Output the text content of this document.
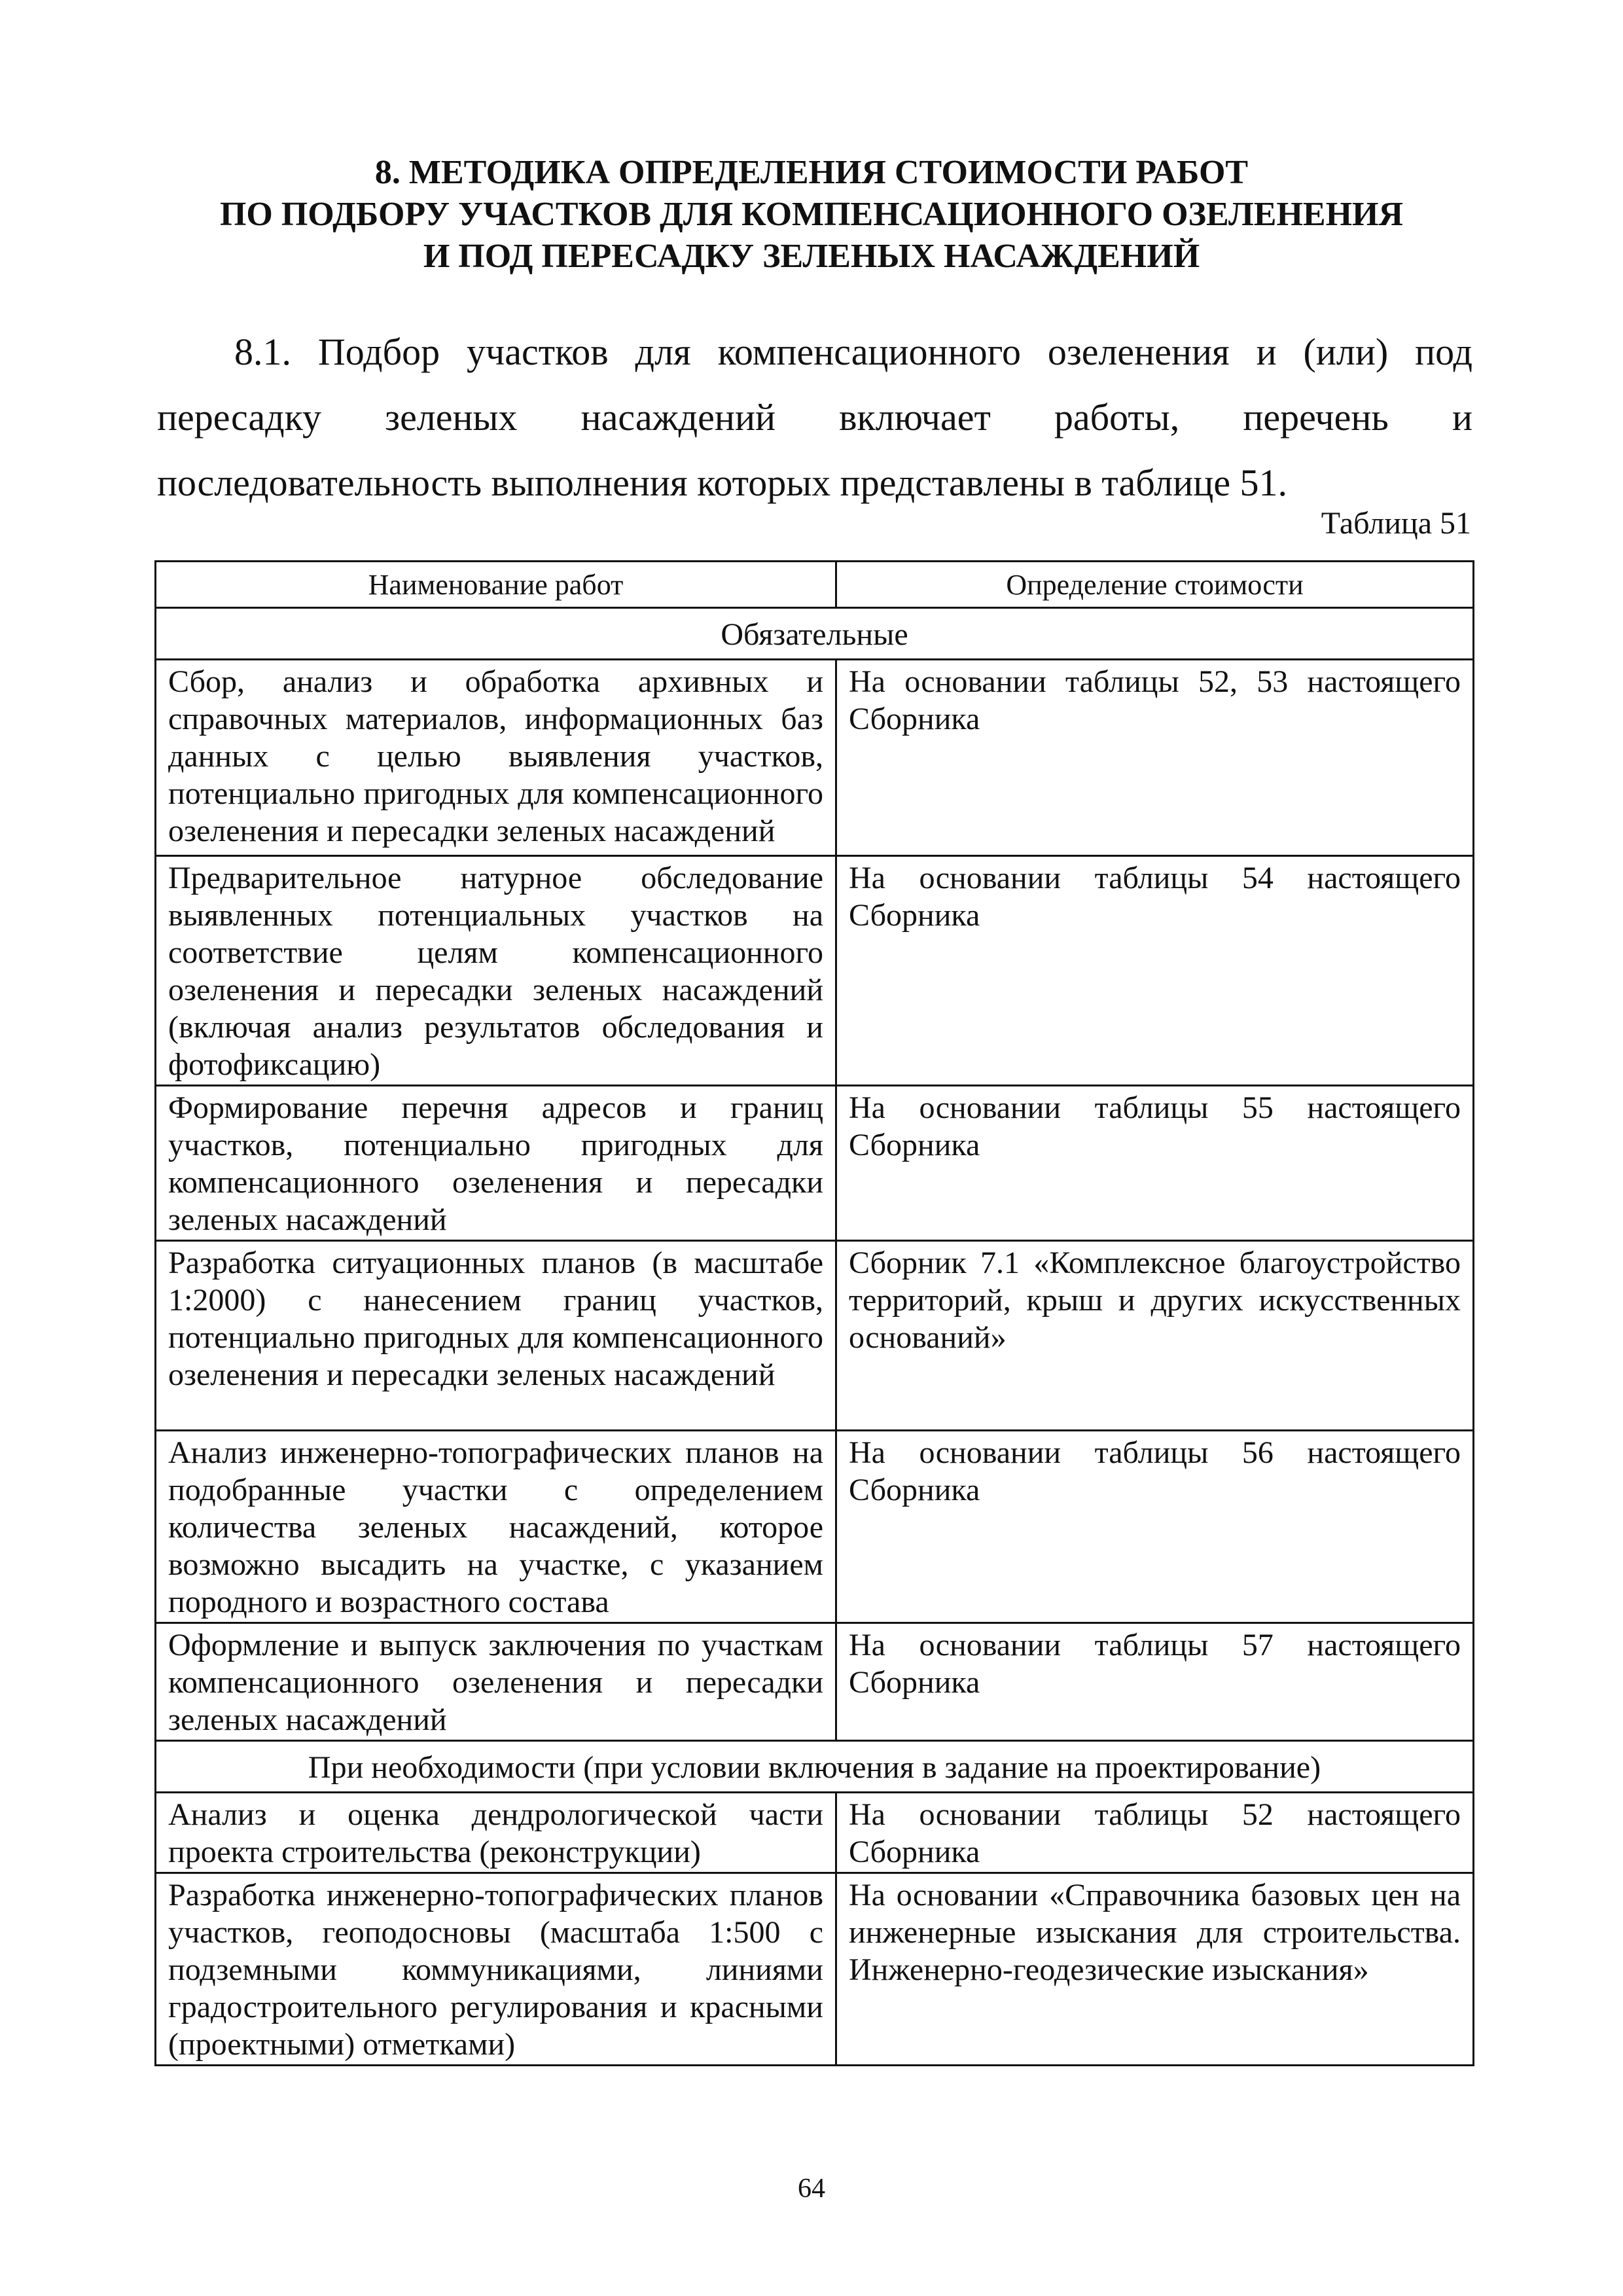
8. МЕТОДИКА ОПРЕДЕЛЕНИЯ СТОИМОСТИ РАБОТ
ПО ПОДБОРУ УЧАСТКОВ ДЛЯ КОМПЕНСАЦИОННОГО ОЗЕЛЕНЕНИЯ
И ПОД ПЕРЕСАДКУ ЗЕЛЕНЫХ НАСАЖДЕНИЙ

8.1. Подбор участков для компенсационного озеленения и (или) под пересадку зеленых насаждений включает работы, перечень и последовательность выполнения которых представлены в таблице 51.

Таблица 51
Наименование работ	Определение стоимости
Обязательные	
Сбор, анализ и обработка архивных и справочных материалов, информационных баз данных с целью выявления участков, потенциально пригодных для компенсационного озеленения и пересадки зеленых насаждений	На основании таблицы 52, 53 настоящего Сборника
Предварительное натурное обследование выявленных потенциальных участков на соответствие целям компенсационного озеленения и пересадки зеленых насаждений (включая анализ результатов обследования и фотофиксацию)	На основании таблицы 54 настоящего Сборника
Формирование перечня адресов и границ участков, потенциально пригодных для компенсационного озеленения и пересадки зеленых насаждений	На основании таблицы 55 настоящего Сборника
Разработка ситуационных планов (в масштабе 1:2000) с нанесением границ участков, потенциально пригодных для компенсационного озеленения и пересадки зеленых насаждений	Сборник 7.1 «Комплексное благоустройство территорий, крыш и других искусственных оснований»
Анализ инженерно-топографических планов на подобранные участки с определением количества зеленых насаждений, которое возможно высадить на участке, с указанием породного и возрастного состава	На основании таблицы 56 настоящего Сборника
Оформление и выпуск заключения по участкам компенсационного озеленения и пересадки зеленых насаждений	На основании таблицы 57 настоящего Сборника
При необходимости (при условии включения в задание на проектирование)	
Анализ и оценка дендрологической части проекта строительства (реконструкции)	На основании таблицы 52 настоящего Сборника
Разработка инженерно-топографических планов участков, геоподосновы (масштаба 1:500 с подземными коммуникациями, линиями градостроительного регулирования и красными (проектными) отметками)	На основании «Справочника базовых цен на инженерные изыскания для строительства. Инженерно-геодезические изыскания»
64
